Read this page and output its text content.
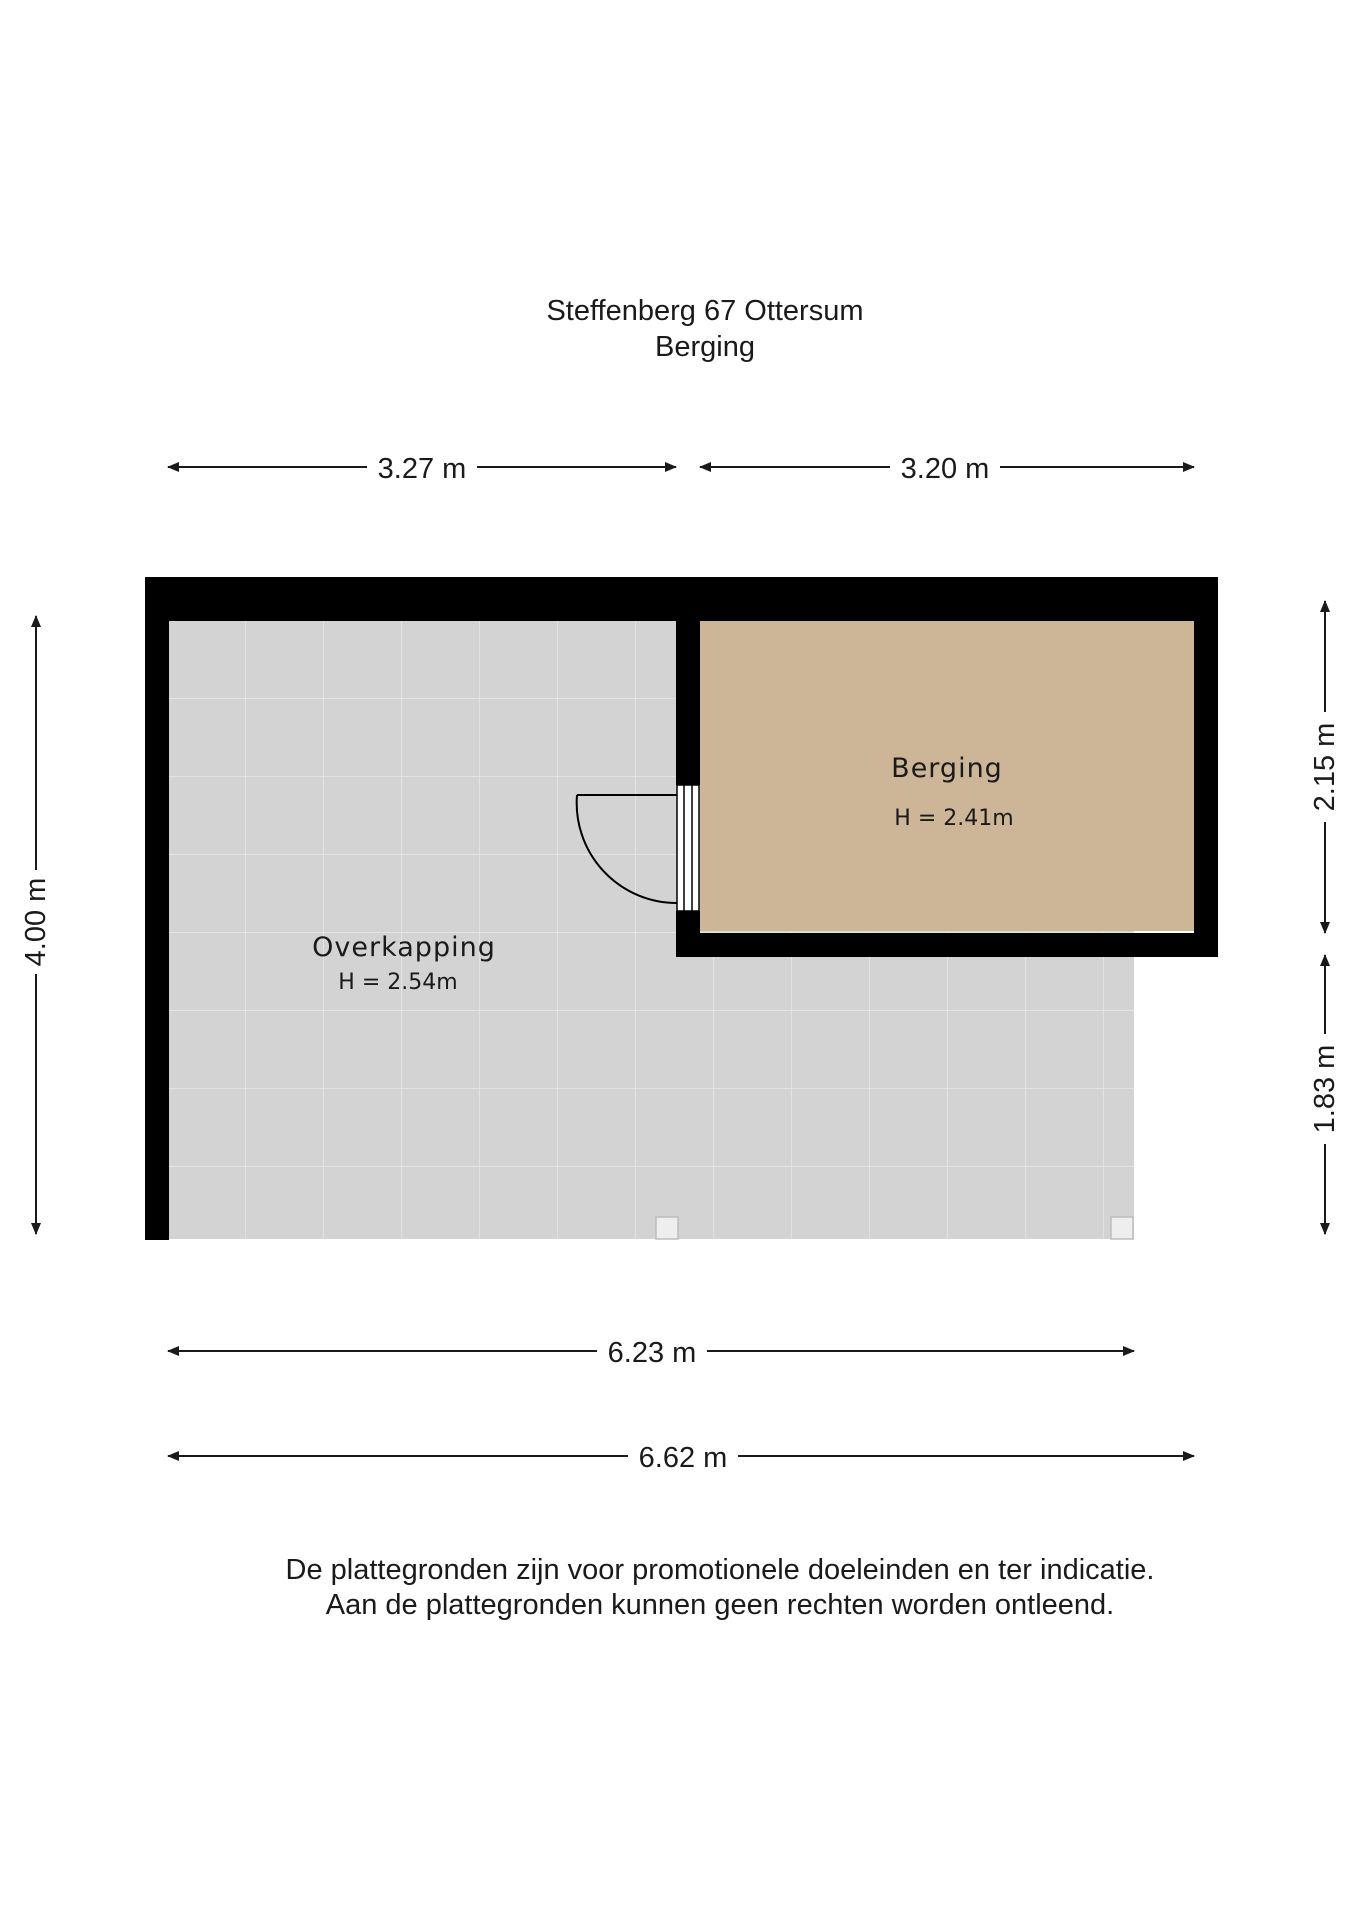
Steffenberg 67 Ottersum
Berging
Berging
H = 2.41m
Overkapping
H = 2.54m
3.27 m	3.20 m
4.00 m
2.15 m
1.83 m
6.23 m
6.62 m
De plattegronden zijn voor promotionele doeleinden en ter indicatie.
Aan de plattegronden kunnen geen rechten worden ontleend.
